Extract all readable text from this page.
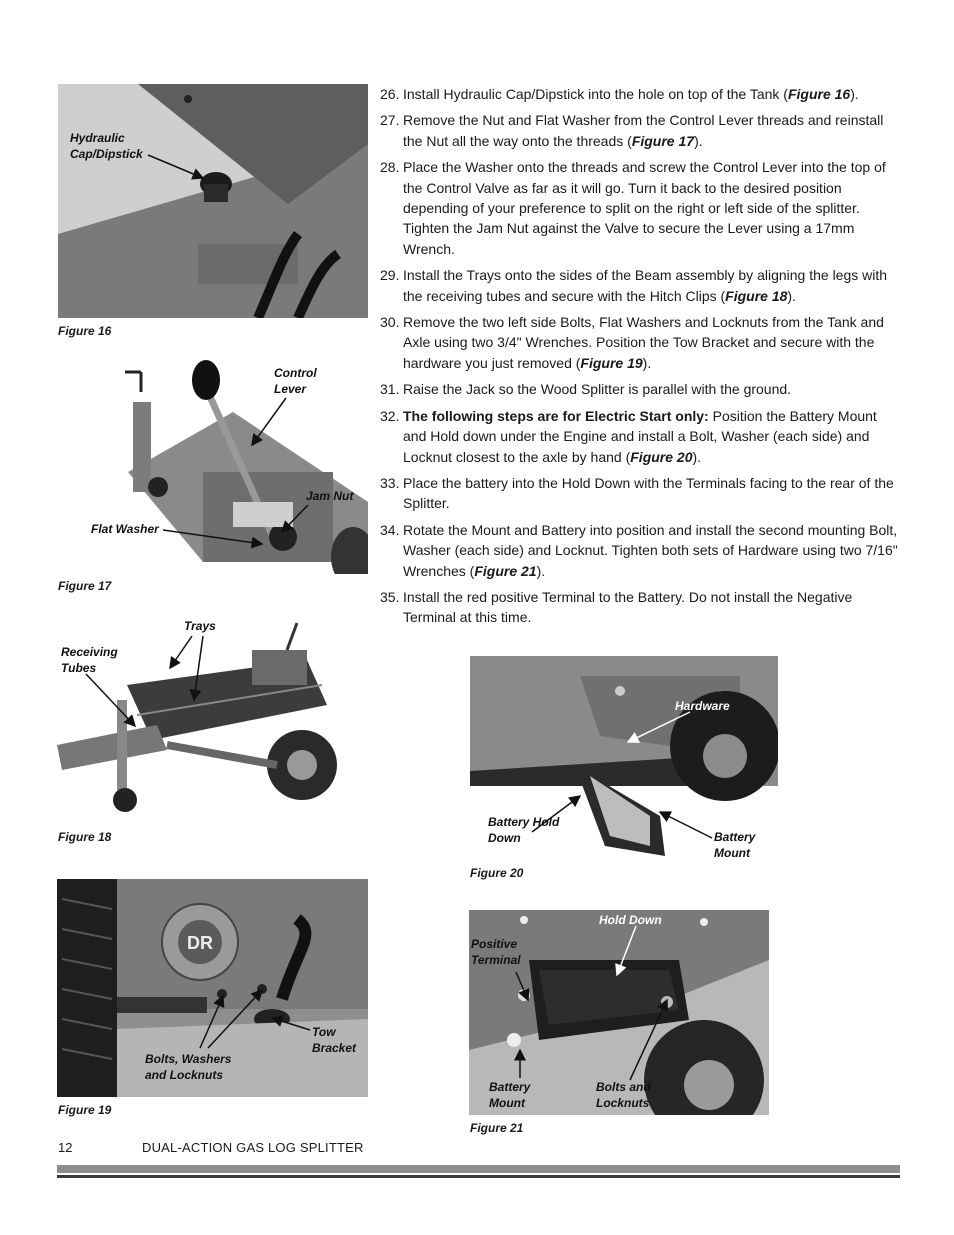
Hydraulic
Cap/Dipstick
Figure 16
Control
Lever
Jam Nut
Flat Washer
Figure 17
Trays
Receiving
Tubes
Figure 18
DR
Tow
Bracket
Bolts, Washers
and Locknuts
Figure 19
Hardware
Battery Hold
Down	Battery
Mount
Figure 20
Hold Down
Positive
Terminal
Battery
Mount
Bolts and
Locknuts
Figure 21
26. Install Hydraulic Cap/Dipstick into the hole on top of the Tank (Figure 16).
27. Remove the Nut and Flat Washer from the Control Lever threads and reinstall the Nut all the way onto the threads (Figure 17).
28. Place the Washer onto the threads and screw the Control Lever into the top of the Control Valve as far as it will go. Turn it back to the desired position depending of your preference to split on the right or left side of the splitter. Tighten the Jam Nut against the Valve to secure the Lever using a 17mm Wrench.
29. Install the Trays onto the sides of the Beam assembly by aligning the legs with the receiving tubes and secure with the Hitch Clips (Figure 18).
30. Remove the two left side Bolts, Flat Washers and Locknuts from the Tank and Axle using two 3/4" Wrenches. Position the Tow Bracket and secure with the hardware you just removed (Figure 19).
31. Raise the Jack so the Wood Splitter is parallel with the ground.
32. The following steps are for Electric Start only: Position the Battery Mount and Hold down under the Engine and install a Bolt, Washer (each side) and Locknut closest to the axle by hand (Figure 20).
33. Place the battery into the Hold Down with the Terminals facing to the rear of the Splitter.
34. Rotate the Mount and Battery into position and install the second mounting Bolt, Washer (each side) and Locknut. Tighten both sets of Hardware using two 7/16" Wrenches (Figure 21).
35. Install the red positive Terminal to the Battery. Do not install the Negative Terminal at this time.
12	DUAL-ACTION GAS LOG SPLITTER
